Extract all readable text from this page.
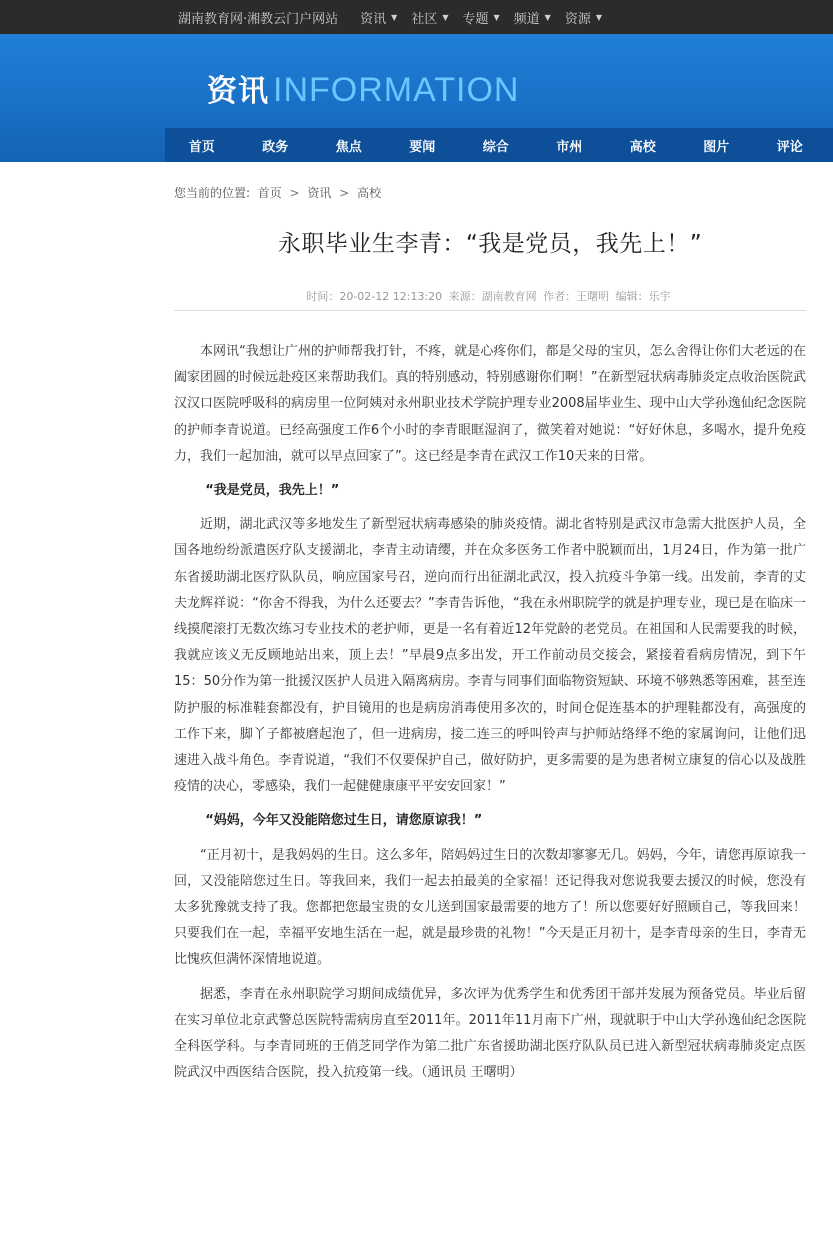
湖南教育网·湘教云门户网站 资讯 ▼ 社区 ▼ 专题 ▼ 频道 ▼ 资源 ▼
资讯 INFORMATION
首页	政务	焦点	要闻	综合	市州	高校	图片	评论
您当前的位置: 首页 > 资讯 > 高校
永职毕业生李青：“我是党员，我先上！”
时间：20-02-12 12:13:20 来源：湖南教育网 作者：王曙明 编辑：乐宇

本网讯“我想让广州的护师帮我打针，不疼，就是心疼你们，都是父母的宝贝，怎么舍得让你们大老远的在阖家团圆的时候远赴疫区来帮助我们。真的特别感动，特别感谢你们啊！”在新型冠状病毒肺炎定点收治医院武汉汉口医院呼吸科的病房里一位阿姨对永州职业技术学院护理专业2008届毕业生、现中山大学孙逸仙纪念医院的护师李青说道。已经高强度工作6个小时的李青眼眶湿润了，微笑着对她说：“好好休息，多喝水，提升免疫力，我们一起加油，就可以早点回家了”。这已经是李青在武汉工作10天来的日常。

“我是党员，我先上！”

近期，湖北武汉等多地发生了新型冠状病毒感染的肺炎疫情。湖北省特别是武汉市急需大批医护人员，全国各地纷纷派遣医疗队支援湖北，李青主动请缨，并在众多医务工作者中脱颖而出，1月24日，作为第一批广东省援助湖北医疗队队员，响应国家号召，逆向而行出征湖北武汉，投入抗疫斗争第一线。出发前，李青的丈夫龙辉祥说：“你舍不得我，为什么还要去？”李青告诉他，“我在永州职院学的就是护理专业，现已是在临床一线摸爬滚打无数次练习专业技术的老护师，更是一名有着近12年党龄的老党员。在祖国和人民需要我的时候，我就应该义无反顾地站出来，顶上去！”早晨9点多出发，开工作前动员交接会，紧接着看病房情况，到下午15：50分作为第一批援汉医护人员进入隔离病房。李青与同事们面临物资短缺、环境不够熟悉等困难，甚至连防护服的标准鞋套都没有，护目镜用的也是病房消毒使用多次的，时间仓促连基本的护理鞋都没有，高强度的工作下来，脚丫子都被磨起泡了，但一进病房，接二连三的呼叫铃声与护师站络绎不绝的家属询问，让他们迅速进入战斗角色。李青说道，“我们不仅要保护自己，做好防护，更多需要的是为患者树立康复的信心以及战胜疫情的决心，零感染，我们一起健健康康平平安安回家！”

“妈妈，今年又没能陪您过生日，请您原谅我！”

“正月初十，是我妈妈的生日。这么多年，陪妈妈过生日的次数却寥寥无几。妈妈，今年，请您再原谅我一回，又没能陪您过生日。等我回来，我们一起去拍最美的全家福！还记得我对您说我要去援汉的时候，您没有太多犹豫就支持了我。您都把您最宝贵的女儿送到国家最需要的地方了！所以您要好好照顾自己，等我回来！只要我们在一起，幸福平安地生活在一起，就是最珍贵的礼物！”今天是正月初十，是李青母亲的生日，李青无比愧疚但满怀深情地说道。

据悉，李青在永州职院学习期间成绩优异，多次评为优秀学生和优秀团干部并发展为预备党员。毕业后留在实习单位北京武警总医院特需病房直至2011年。2011年11月南下广州，现就职于中山大学孙逸仙纪念医院全科医学科。与李青同班的王俏芝同学作为第二批广东省援助湖北医疗队队员已进入新型冠状病毒肺炎定点医院武汉中西医结合医院，投入抗疫第一线。（通讯员 王曙明）
